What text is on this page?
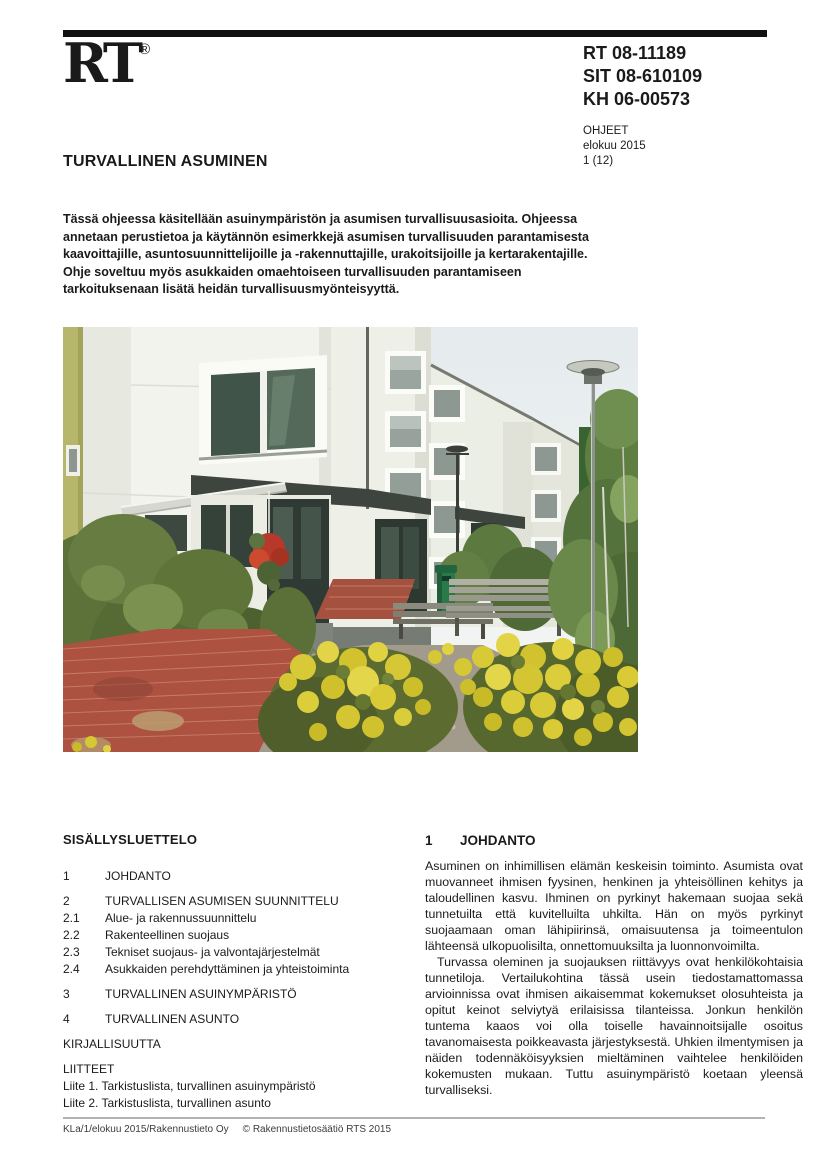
RT®	RT 08-11189
SIT 08-610109
KH 06-00573
OHJEET
elokuu 2015
1 (12)
TURVALLINEN ASUMINEN
Tässä ohjeessa käsitellään asuinympäristön ja asumisen turvallisuusasioita. Ohjeessa annetaan perustietoa ja käytännön esimerkkejä asumisen turvallisuuden parantamisesta kaavoittajille, asuntosuunnittelijoille ja -rakennuttajille, urakoitsijoille ja kertarakentajille. Ohje soveltuu myös asukkaiden omaehtoiseen turvallisuuden parantamiseen tarkoituksenaan lisätä heidän turvallisuusmyönteisyyttä.
SISÄLLYSLUETTELO
1	JOHDANTO
2	TURVALLISEN ASUMISEN SUUNNITTELU
2.1	Alue- ja rakennussuunnittelu
2.2	Rakenteellinen suojaus
2.3	Tekniset suojaus- ja valvontajärjestelmät
2.4	Asukkaiden perehdyttäminen ja yhteistoiminta
3	TURVALLINEN ASUINYMPÄRISTÖ
4	TURVALLINEN ASUNTO
KIRJALLISUUTTA
LIITTEET
Liite 1. Tarkistuslista, turvallinen asuinympäristö
Liite 2. Tarkistuslista, turvallinen asunto
1	JOHDANTO

Asuminen on inhimillisen elämän keskeisin toiminto. Asumista ovat muovanneet ihmisen fyysinen, henkinen ja yhteisöllinen kehitys ja taloudellinen kasvu. Ihminen on pyrkinyt hakemaan suojaa sekä tunnetuilta että kuvitelluilta uhkilta. Hän on myös pyrkinyt suojaamaan oman lähipiirinsä, omaisuutensa ja toimeentulon lähteensä ulkopuolisilta, onnettomuuksilta ja luonnonvoimilta.

Turvassa oleminen ja suojauksen riittävyys ovat henkilökohtaisia tunnetiloja. Vertailukohtina tässä usein tiedostamattomassa arvioinnissa ovat ihmisen aikaisemmat kokemukset olosuhteista ja opitut keinot selviytyä erilaisissa tilanteissa. Jonkun henkilön tuntema kaaos voi olla toiselle havainnoitsijalle osoitus tavanomaisesta poikkeavasta järjestyksestä. Uhkien ilmentymisen ja näiden todennäköisyyksien mieltäminen vaihtelee henkilöiden kokemusten mukaan. Tuttu asuinympäristö koetaan yleensä turvalliseksi.

KLa/1/elokuu 2015/Rakennustieto Oy © Rakennustietosäätiö RTS 2015
